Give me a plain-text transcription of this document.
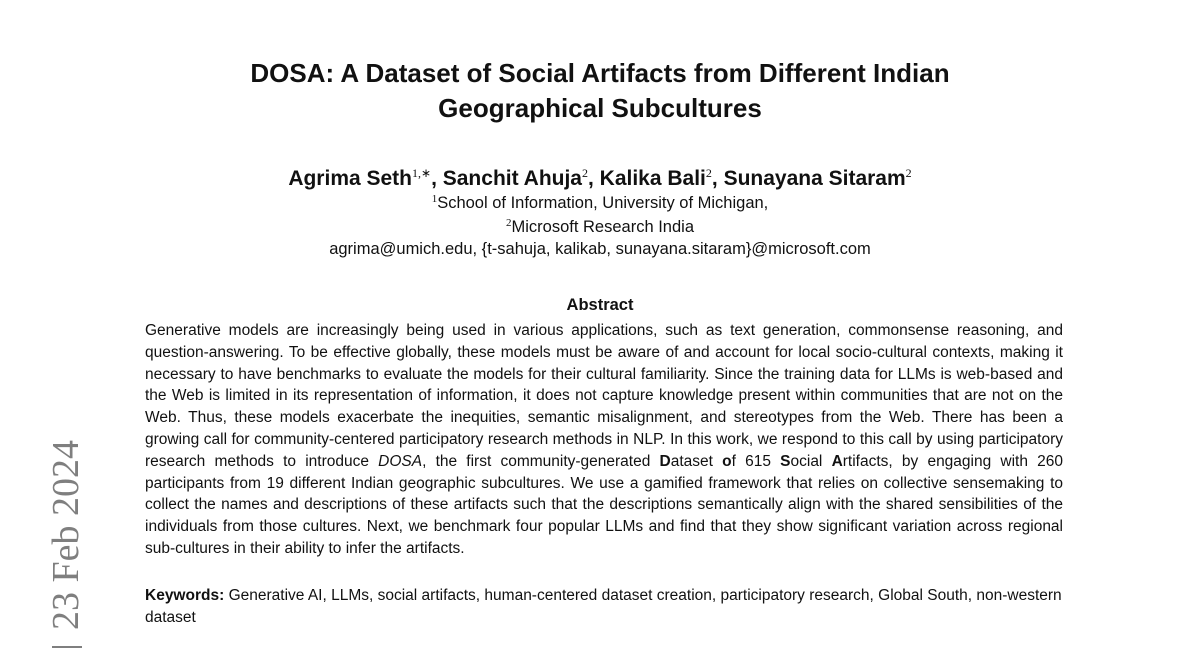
DOSA: A Dataset of Social Artifacts from Different Indian
Geographical Subcultures
Agrima Seth$^{1,∗}$, Sanchit Ahuja$^2$, Kalika Bali$^2$, Sunayana Sitaram$^2$
$^1$School of Information, University of Michigan,
$^2$Microsoft Research India
agrima@umich.edu, {t-sahuja, kalikab, sunayana.sitaram}@microsoft.com
Abstract

Generative models are increasingly being used in various applications, such as text generation, commonsense reasoning, and question-answering. To be effective globally, these models must be aware of and account for local socio-cultural contexts, making it necessary to have benchmarks to evaluate the models for their cultural familiarity. Since the training data for LLMs is web-based and the Web is limited in its representation of information, it does not capture knowledge present within communities that are not on the Web. Thus, these models exacerbate the inequities, semantic misalignment, and stereotypes from the Web. There has been a growing call for community-centered participatory research methods in NLP. In this work, we respond to this call by using participatory research methods to introduce DOSA, the first community-generated Dataset of 615 Social Artifacts, by engaging with 260 participants from 19 different Indian geographic subcultures. We use a gamified framework that relies on collective sensemaking to collect the names and descriptions of these artifacts such that the descriptions semantically align with the shared sensibilities of the individuals from those cultures. Next, we benchmark four popular LLMs and find that they show significant variation across regional sub-cultures in their ability to infer the artifacts.

Keywords: Generative AI, LLMs, social artifacts, human-centered dataset creation, participatory research, Global South, non-western dataset
23 Feb 2024
